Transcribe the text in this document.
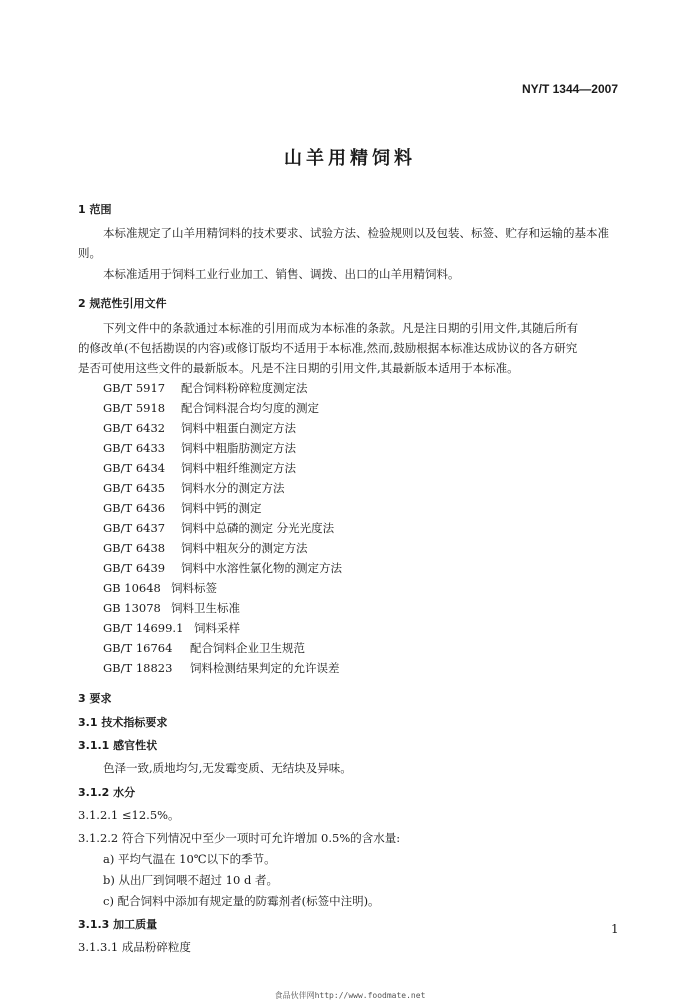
NY/T 1344—2007
山羊用精饲料
1 范围
本标准规定了山羊用精饲料的技术要求、试验方法、检验规则以及包装、标签、贮存和运输的基本准
则。
本标准适用于饲料工业行业加工、销售、调拨、出口的山羊用精饲料。
2 规范性引用文件
下列文件中的条款通过本标准的引用而成为本标准的条款。凡是注日期的引用文件,其随后所有
的修改单(不包括勘误的内容)或修订版均不适用于本标准,然而,鼓励根据本标准达成协议的各方研究
是否可使用这些文件的最新版本。凡是不注日期的引用文件,其最新版本适用于本标准。
GB/T 5917 配合饲料粉碎粒度测定法
GB/T 5918 配合饲料混合均匀度的测定
GB/T 6432 饲料中粗蛋白测定方法
GB/T 6433 饲料中粗脂肪测定方法
GB/T 6434 饲料中粗纤维测定方法
GB/T 6435 饲料水分的测定方法
GB/T 6436 饲料中钙的测定
GB/T 6437 饲料中总磷的测定 分光光度法
GB/T 6438 饲料中粗灰分的测定方法
GB/T 6439 饲料中水溶性氯化物的测定方法
GB 10648 饲料标签
GB 13078 饲料卫生标准
GB/T 14699.1 饲料采样
GB/T 16764 配合饲料企业卫生规范
GB/T 18823 饲料检测结果判定的允许误差
3 要求
3.1 技术指标要求
3.1.1 感官性状
色泽一致,质地均匀,无发霉变质、无结块及异味。
3.1.2 水分
3.1.2.1 ≤12.5%。
3.1.2.2 符合下列情况中至少一项时可允许增加 0.5%的含水量:
a) 平均气温在 10℃以下的季节。
b) 从出厂到饲喂不超过 10 d 者。
c) 配合饲料中添加有规定量的防霉剂者(标签中注明)。
3.1.3 加工质量
3.1.3.1 成品粉碎粒度
1
食品伙伴网http://www.foodmate.net
